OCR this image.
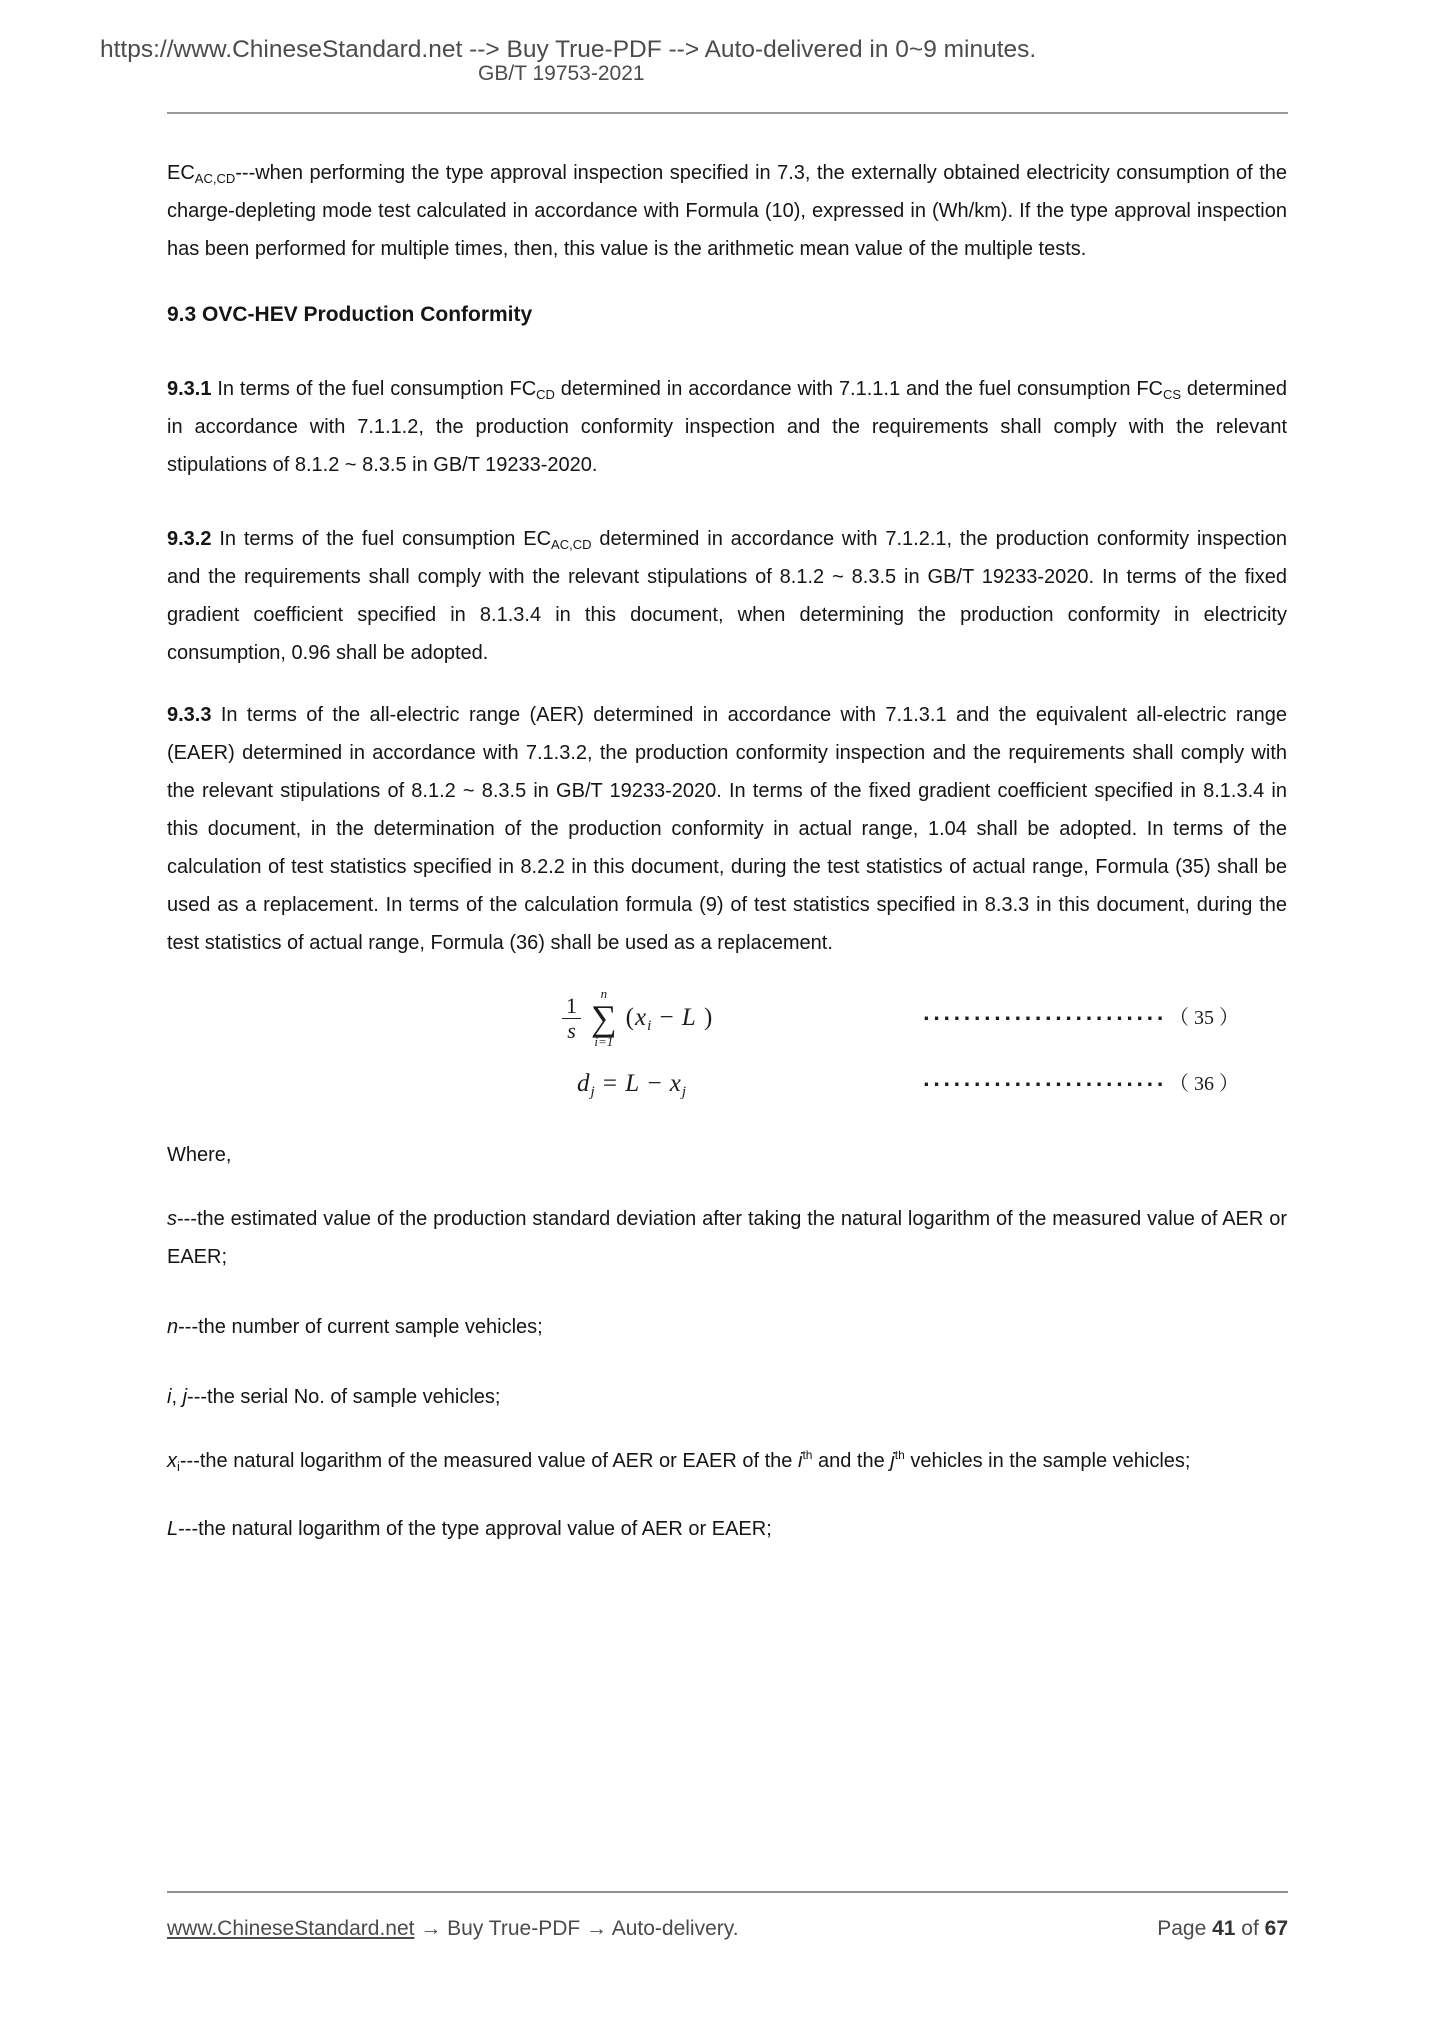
https://www.ChineseStandard.net --> Buy True-PDF --> Auto-delivered in 0~9 minutes.
GB/T 19753-2021

$EC_{AC,CD}--$-when performing the type approval inspection specified in 7.3, the externally obtained electricity consumption of the charge-depleting mode test calculated in accordance with Formula (10), expressed in (Wh/km). If the type approval inspection has been performed for multiple times, then, this value is the arithmetic mean value of the multiple tests.

9.3 OVC-HEV Production Conformity

9.3.1 In terms of the fuel consumption $FC_{CD}$ determined in accordance with 7.1.1.1 and the fuel consumption $FC_{CS}$ determined in accordance with 7.1.1.2, the production conformity inspection and the requirements shall comply with the relevant stipulations of 8.1.2 ~ 8.3.5 in GB/T 19233-2020.

9.3.2 In terms of the fuel consumption $EC_{AC,CD}$ determined in accordance with 7.1.2.1, the production conformity inspection and the requirements shall comply with the relevant stipulations of 8.1.2 ~ 8.3.5 in GB/T 19233-2020. In terms of the fixed gradient coefficient specified in 8.1.3.4 in this document, when determining the production conformity in electricity consumption, 0.96 shall be adopted.

9.3.3 In terms of the all-electric range (AER) determined in accordance with 7.1.3.1 and the equivalent all-electric range (EAER) determined in accordance with 7.1.3.2, the production conformity inspection and the requirements shall comply with the relevant stipulations of 8.1.2 ~ 8.3.5 in GB/T 19233-2020. In terms of the fixed gradient coefficient specified in 8.1.3.4 in this document, in the determination of the production conformity in actual range, 1.04 shall be adopted. In terms of the calculation of test statistics specified in 8.2.2 in this document, during the test statistics of actual range, Formula (35) shall be used as a replacement. In terms of the calculation formula (9) of test statistics specified in 8.3.3 in this document, during the test statistics of actual range, Formula (36) shall be used as a replacement.

$\frac{1}{s}$
n
∑
i=1
($x_i - L$ )	························ （ 35 ）
$d_j = L - x_j$	························ （ 36 ）

Where,

s---the estimated value of the production standard deviation after taking the natural logarithm of the measured value of AER or EAER;

n---the number of current sample vehicles;

i, j---the serial No. of sample vehicles;

$x_i--$-the natural logarithm of the measured value of AER or EAER of the $i^{th}$ and the $j^{th}$ vehicles in the sample vehicles;

L---the natural logarithm of the type approval value of AER or EAER;

www.ChineseStandard.net → Buy True-PDF → Auto-delivery.	Page 41 of 67
